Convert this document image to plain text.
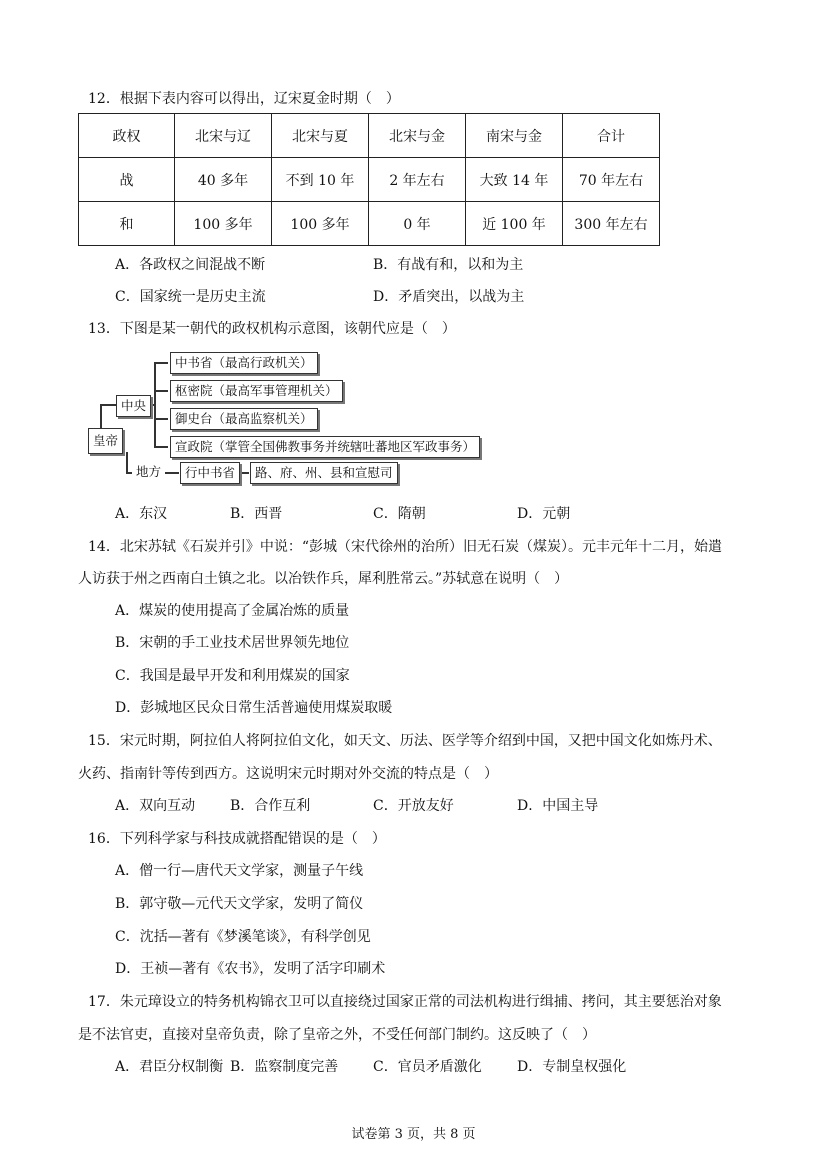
12．根据下表内容可以得出，辽宋夏金时期（　）
政权	北宋与辽	北宋与夏	北宋与金	南宋与金	合计
战	40 多年	不到 10 年	2 年左右	大致 14 年	70 年左右
和	100 多年	100 多年	0 年	近 100 年	300 年左右
A．各政权之间混战不断	B．有战有和，以和为主
C．国家统一是历史主流	D．矛盾突出，以战为主
13．下图是某一朝代的政权机构示意图，该朝代应是（　）
皇帝
中央
地方
中书省（最高行政机关）
枢密院（最高军事管理机关）
御史台（最高监察机关）
宣政院（掌管全国佛教事务并统辖吐蕃地区军政事务）
行中书省	路、府、州、县和宣慰司
A．东汉	B．西晋	C．隋朝	D．元朝
14．北宋苏轼《石炭并引》中说：“彭城（宋代徐州的治所）旧无石炭（煤炭）。元丰元年十二月，始遣
人访获于州之西南白土镇之北。以冶铁作兵，犀利胜常云。”苏轼意在说明（　）
A．煤炭的使用提高了金属冶炼的质量
B．宋朝的手工业技术居世界领先地位
C．我国是最早开发和利用煤炭的国家
D．彭城地区民众日常生活普遍使用煤炭取暖
15．宋元时期，阿拉伯人将阿拉伯文化，如天文、历法、医学等介绍到中国，又把中国文化如炼丹术、
火药、指南针等传到西方。这说明宋元时期对外交流的特点是（　）
A．双向互动 B．合作互利	C．开放友好	D．中国主导
16．下列科学家与科技成就搭配错误的是（　）
A．僧一行—唐代天文学家，测量子午线
B．郭守敬—元代天文学家，发明了简仪
C．沈括—著有《梦溪笔谈》，有科学创见
D．王祯—著有《农书》，发明了活字印刷术
17．朱元璋设立的特务机构锦衣卫可以直接绕过国家正常的司法机构进行缉捕、拷问，其主要惩治对象
是不法官吏，直接对皇帝负责，除了皇帝之外，不受任何部门制约。这反映了（　）
A．君臣分权制衡 B．监察制度完善 C．官员矛盾激化	D．专制皇权强化
试卷第 3 页，共 8 页
